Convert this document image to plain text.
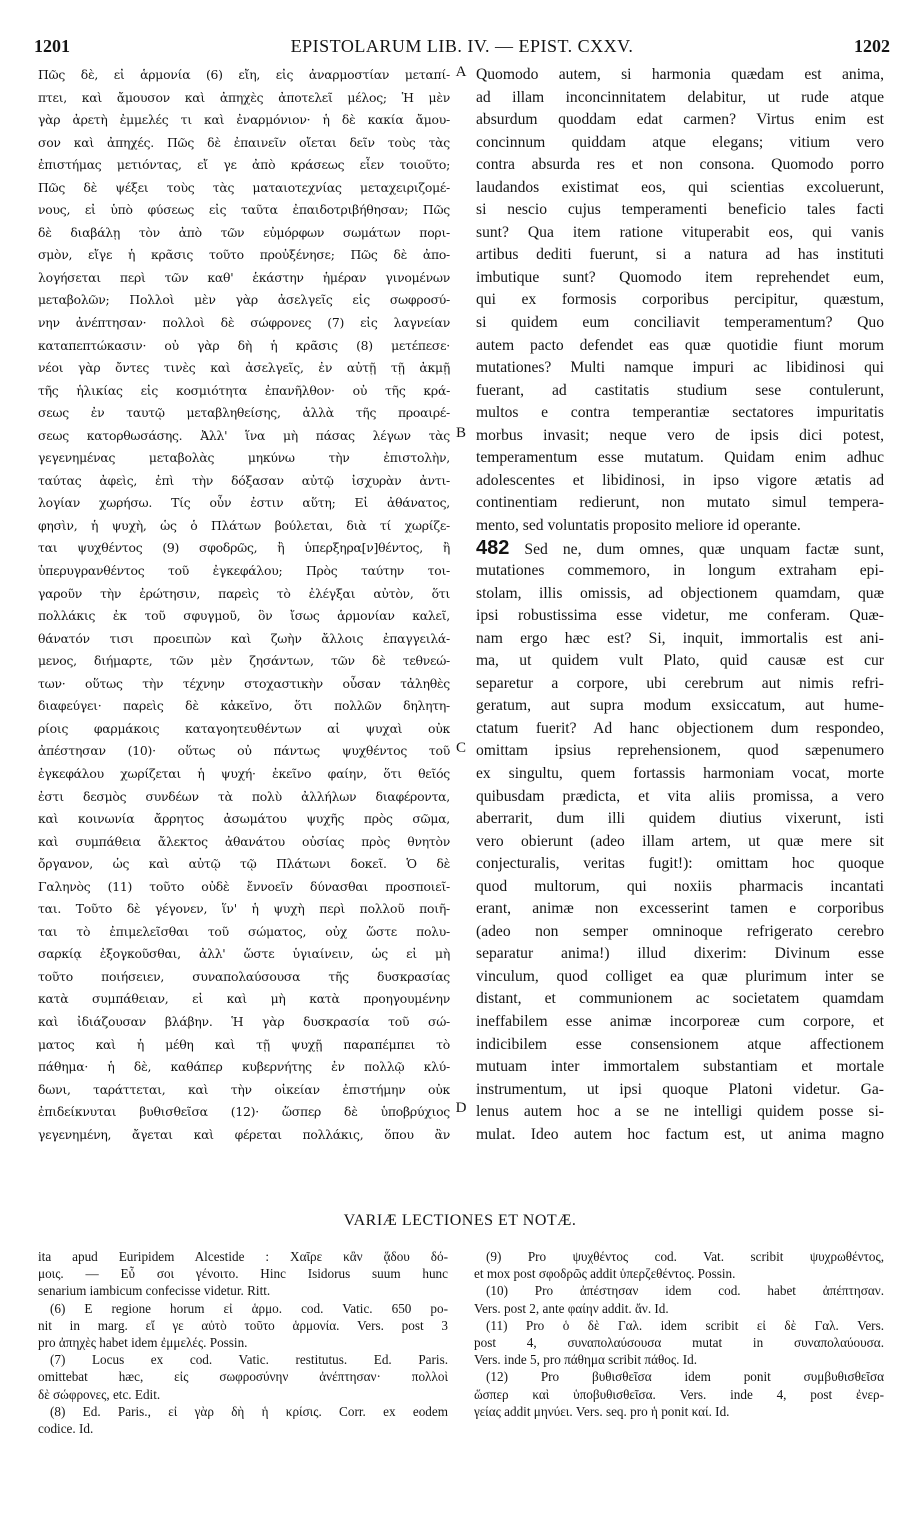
1201	EPISTOLARUM LIB. IV. — EPIST. CXXV.	1202
Πῶς δὲ, εἰ ἁρμονία (6) εἴη, εἰς ἀναρμοστίαν μεταπί-
πτει, καὶ ἄμουσον καὶ ἀπηχὲς ἀποτελεῖ μέλος; Ἡ μὲν
γὰρ ἀρετὴ ἐμμελές τι καὶ ἐναρμόνιον· ἡ δὲ κακία ἄμου-
σον καὶ ἀπηχές. Πῶς δὲ ἐπαινεῖν οἴεται δεῖν τοὺς τὰς
ἐπιστήμας μετιόντας, εἴ γε ἀπὸ κράσεως εἶεν τοιοῦτο;
Πῶς δὲ ψέξει τοὺς τὰς ματαιοτεχνίας μεταχειριζομέ-
νους, εἰ ὑπὸ φύσεως εἰς ταῦτα ἐπαιδοτριβήθησαν; Πῶς
δὲ διαβάλῃ τὸν ἀπὸ τῶν εὐμόρφων σωμάτων πορι-
σμὸν, εἴγε ἡ κρᾶσις τοῦτο προὐξένησε; Πῶς δὲ ἀπο-
λογήσεται περὶ τῶν καθ' ἑκάστην ἡμέραν γινομένων
μεταβολῶν; Πολλοὶ μὲν γὰρ ἀσελγεῖς εἰς σωφροσύ-
νην ἀνέπτησαν· πολλοὶ δὲ σώφρονες (7) εἰς λαγνείαν
καταπεπτώκασιν· οὐ γὰρ δὴ ἡ κρᾶσις (8) μετέπεσε·
νέοι γὰρ ὄντες τινὲς καὶ ἀσελγεῖς, ἐν αὐτῇ τῇ ἀκμῇ
τῆς ἡλικίας εἰς κοσμιότητα ἐπανῆλθον· οὐ τῆς κρά-
σεως ἐν ταυτῷ μεταβληθείσης, ἀλλὰ τῆς προαιρέ-
σεως κατορθωσάσης. Ἀλλ' ἵνα μὴ πάσας λέγων τὰς
γεγενημένας μεταβολὰς μηκύνω τὴν ἐπιστολὴν,
ταύτας ἀφεὶς, ἐπὶ τὴν δόξασαν αὐτῷ ἰσχυρὰν ἀντι-
λογίαν χωρήσω. Τίς οὖν ἐστιν αὕτη; Εἰ ἀθάνατος,
φησὶν, ἡ ψυχὴ, ὡς ὁ Πλάτων βούλεται, διὰ τί χωρίζε-
ται ψυχθέντος (9) σφοδρῶς, ἢ ὑπερξηρα[ν]θέντος, ἢ
ὑπερυγρανθέντος τοῦ ἐγκεφάλου; Πρὸς ταύτην τοι-
γαροῦν τὴν ἐρώτησιν, παρεὶς τὸ ἐλέγξαι αὐτὸν, ὅτι
πολλάκις ἐκ τοῦ σφυγμοῦ, ὃν ἴσως ἁρμονίαν καλεῖ,
θάνατόν τισι προειπὼν καὶ ζωὴν ἄλλοις ἐπαγγειλά-
μενος, διήμαρτε, τῶν μὲν ζησάντων, τῶν δὲ τεθνεώ-
των· οὕτως τὴν τέχνην στοχαστικὴν οὖσαν τἀληθὲς
διαφεύγει· παρεὶς δὲ κἀκεῖνο, ὅτι πολλῶν δηλητη-
ρίοις φαρμάκοις καταγοητευθέντων αἱ ψυχαὶ οὐκ
ἀπέστησαν (10)· οὕτως οὐ πάντως ψυχθέντος τοῦ
ἐγκεφάλου χωρίζεται ἡ ψυχή· ἐκεῖνο φαίην, ὅτι θεῖός
ἐστι δεσμὸς συνδέων τὰ πολὺ ἀλλήλων διαφέροντα,
καὶ κοινωνία ἄρρητος ἀσωμάτου ψυχῆς πρὸς σῶμα,
καὶ συμπάθεια ἄλεκτος ἀθανάτου οὐσίας πρὸς θνητὸν
ὄργανον, ὡς καὶ αὐτῷ τῷ Πλάτωνι δοκεῖ. Ὁ δὲ
Γαληνὸς (11) τοῦτο οὐδὲ ἔννοεῖν δύνασθαι προσποιεῖ-
ται. Τοῦτο δὲ γέγονεν, ἵν' ἡ ψυχὴ περὶ πολλοῦ ποιῆ-
ται τὸ ἐπιμελεῖσθαι τοῦ σώματος, οὐχ ὥστε πολυ-
σαρκίᾳ ἐξογκοῦσθαι, ἀλλ' ὥστε ὑγιαίνειν, ὡς εἰ μὴ
τοῦτο ποιήσειεν, συναπολαύσουσα τῆς δυσκρασίας
κατὰ συμπάθειαν, εἰ καὶ μὴ κατὰ προηγουμένην
καὶ ἰδιάζουσαν βλάβην. Ἡ γὰρ δυσκρασία τοῦ σώ-
ματος καὶ ἡ μέθη καὶ τῇ ψυχῇ παραπέμπει τὸ
πάθημα· ἡ δὲ, καθάπερ κυβερνήτης ἐν πολλῷ κλύ-
δωνι, ταράττεται, καὶ τὴν οἰκείαν ἐπιστήμην οὐκ
ἐπιδείκνυται βυθισθεῖσα (12)· ὥσπερ δὲ ὑποβρύχιος
γεγενημένη, ἄγεται καὶ φέρεται πολλάκις, ὅπου ἂν
Quomodo autem, si harmonia quædam est anima,
ad illam inconcinnitatem delabitur, ut rude atque
absurdum quoddam edat carmen? Virtus enim est
concinnum quiddam atque elegans; vitium vero
contra absurda res et non consona. Quomodo porro
laudandos existimat eos, qui scientias excoluerunt,
si nescio cujus temperamenti beneficio tales facti
sunt? Qua item ratione vituperabit eos, qui vanis
artibus dediti fuerunt, si a natura ad has instituti
imbutique sunt? Quomodo item reprehendet eum,
qui ex formosis corporibus percipitur, quæstum,
si quidem eum conciliavit temperamentum? Quo
autem pacto defendet eas quæ quotidie fiunt morum
mutationes? Multi namque impuri ac libidinosi qui
fuerant, ad castitatis studium sese contulerunt,
multos e contra temperantiæ sectatores impuritatis
morbus invasit; neque vero de ipsis dici potest,
temperamentum esse mutatum. Quidam enim adhuc
adolescentes et libidinosi, in ipso vigore ætatis ad
continentiam redierunt, non mutato simul tempera-
mento, sed voluntatis proposito meliore id operante.
482 Sed ne, dum omnes, quæ unquam factæ sunt,
mutationes commemoro, in longum extraham epi-
stolam, illis omissis, ad objectionem quamdam, quæ
ipsi robustissima esse videtur, me conferam. Quæ-
nam ergo hæc est? Si, inquit, immortalis est ani-
ma, ut quidem vult Plato, quid causæ est cur
separetur a corpore, ubi cerebrum aut nimis refri-
geratum, aut supra modum exsiccatum, aut hume-
ctatum fuerit? Ad hanc objectionem dum respondeo,
omittam ipsius reprehensionem, quod sæpenumero
ex singultu, quem fortassis harmoniam vocat, morte
quibusdam prædicta, et vita aliis promissa, a vero
aberrarit, dum illi quidem diutius vixerunt, isti
vero obierunt (adeo illam artem, ut quæ mere sit
conjecturalis, veritas fugit!): omittam hoc quoque
quod multorum, qui noxiis pharmacis incantati
erant, animæ non excesserint tamen e corporibus
(adeo non semper omninoque refrigerato cerebro
separatur anima!) illud dixerim: Divinum esse
vinculum, quod colliget ea quæ plurimum inter se
distant, et communionem ac societatem quamdam
ineffabilem esse animæ incorporeæ cum corpore, et
indicibilem esse consensionem atque affectionem
mutuam inter immortalem substantiam et mortale
instrumentum, ut ipsi quoque Platoni videtur. Ga-
lenus autem hoc a se ne intelligi quidem posse si-
mulat. Ideo autem hoc factum est, ut anima magno
A
B
C
D
VARIÆ LECTIONES ET NOTÆ.
ita apud Euripidem Alcestide : Χαῖρε κἂν ᾅδου δό-
μοις. — Εὖ σοι γένοιτο. Hinc Isidorus suum hunc
senarium iambicum confecisse videtur. Ritt.
(6) E regione horum εἰ ἁρμο. cod. Vatic. 650 po-
nit in marg. εἴ γε αὐτὸ τοῦτο ἁρμονία. Vers. post 3
pro ἀπηχὲς habet idem ἐμμελές. Possin.
(7) Locus ex cod. Vatic. restitutus. Ed. Paris.
omittebat hæc, εἰς σωφροσύνην ἀνέπτησαν· πολλοὶ
δὲ σώφρονες, etc. Edit.
(8) Ed. Paris., εἰ γὰρ δὴ ἡ κρίσις. Corr. ex eodem
codice. Id.
(9) Pro ψυχθέντος cod. Vat. scribit ψυχρωθέντος,
et mox post σφοδρῶς addit ὑπερζεθέντος. Possin.
(10) Pro ἀπέστησαν idem cod. habet ἀπέπτησαν.
Vers. post 2, ante φαίην addit. ἄν. Id.
(11) Pro ὁ δὲ Γαλ. idem scribit εἰ δὲ Γαλ. Vers.
post 4, συναπολαύσουσα mutat in συναπολαύουσα.
Vers. inde 5, pro πάθημα scribit πάθος. Id.
(12) Pro βυθισθεῖσα idem ponit συμβυθισθεῖσα
ὥσπερ καὶ ὑποβυθισθεῖσα. Vers. inde 4, post ἐνερ-
γείας addit μηνύει. Vers. seq. pro ἡ ponit καί. Id.
